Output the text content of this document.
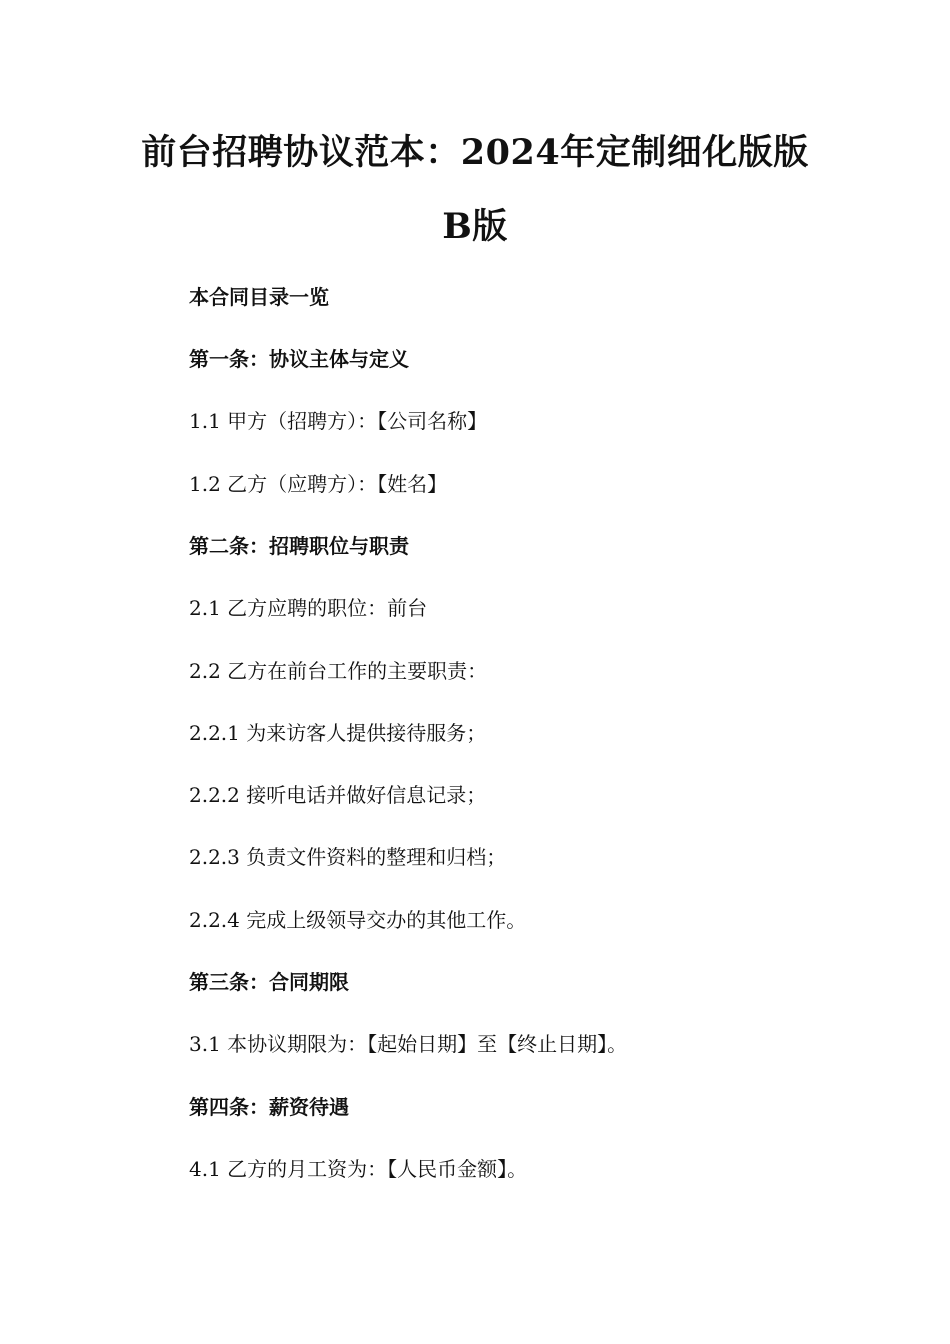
前台招聘协议范本：2024年定制细化版版
B版
本合同目录一览
第一条：协议主体与定义
1.1 甲方（招聘方）：【公司名称】
1.2 乙方（应聘方）：【姓名】
第二条：招聘职位与职责
2.1 乙方应聘的职位：前台
2.2 乙方在前台工作的主要职责：
2.2.1 为来访客人提供接待服务；
2.2.2 接听电话并做好信息记录；
2.2.3 负责文件资料的整理和归档；
2.2.4 完成上级领导交办的其他工作。
第三条：合同期限
3.1 本协议期限为：【起始日期】至【终止日期】。
第四条：薪资待遇
4.1 乙方的月工资为：【人民币金额】。
